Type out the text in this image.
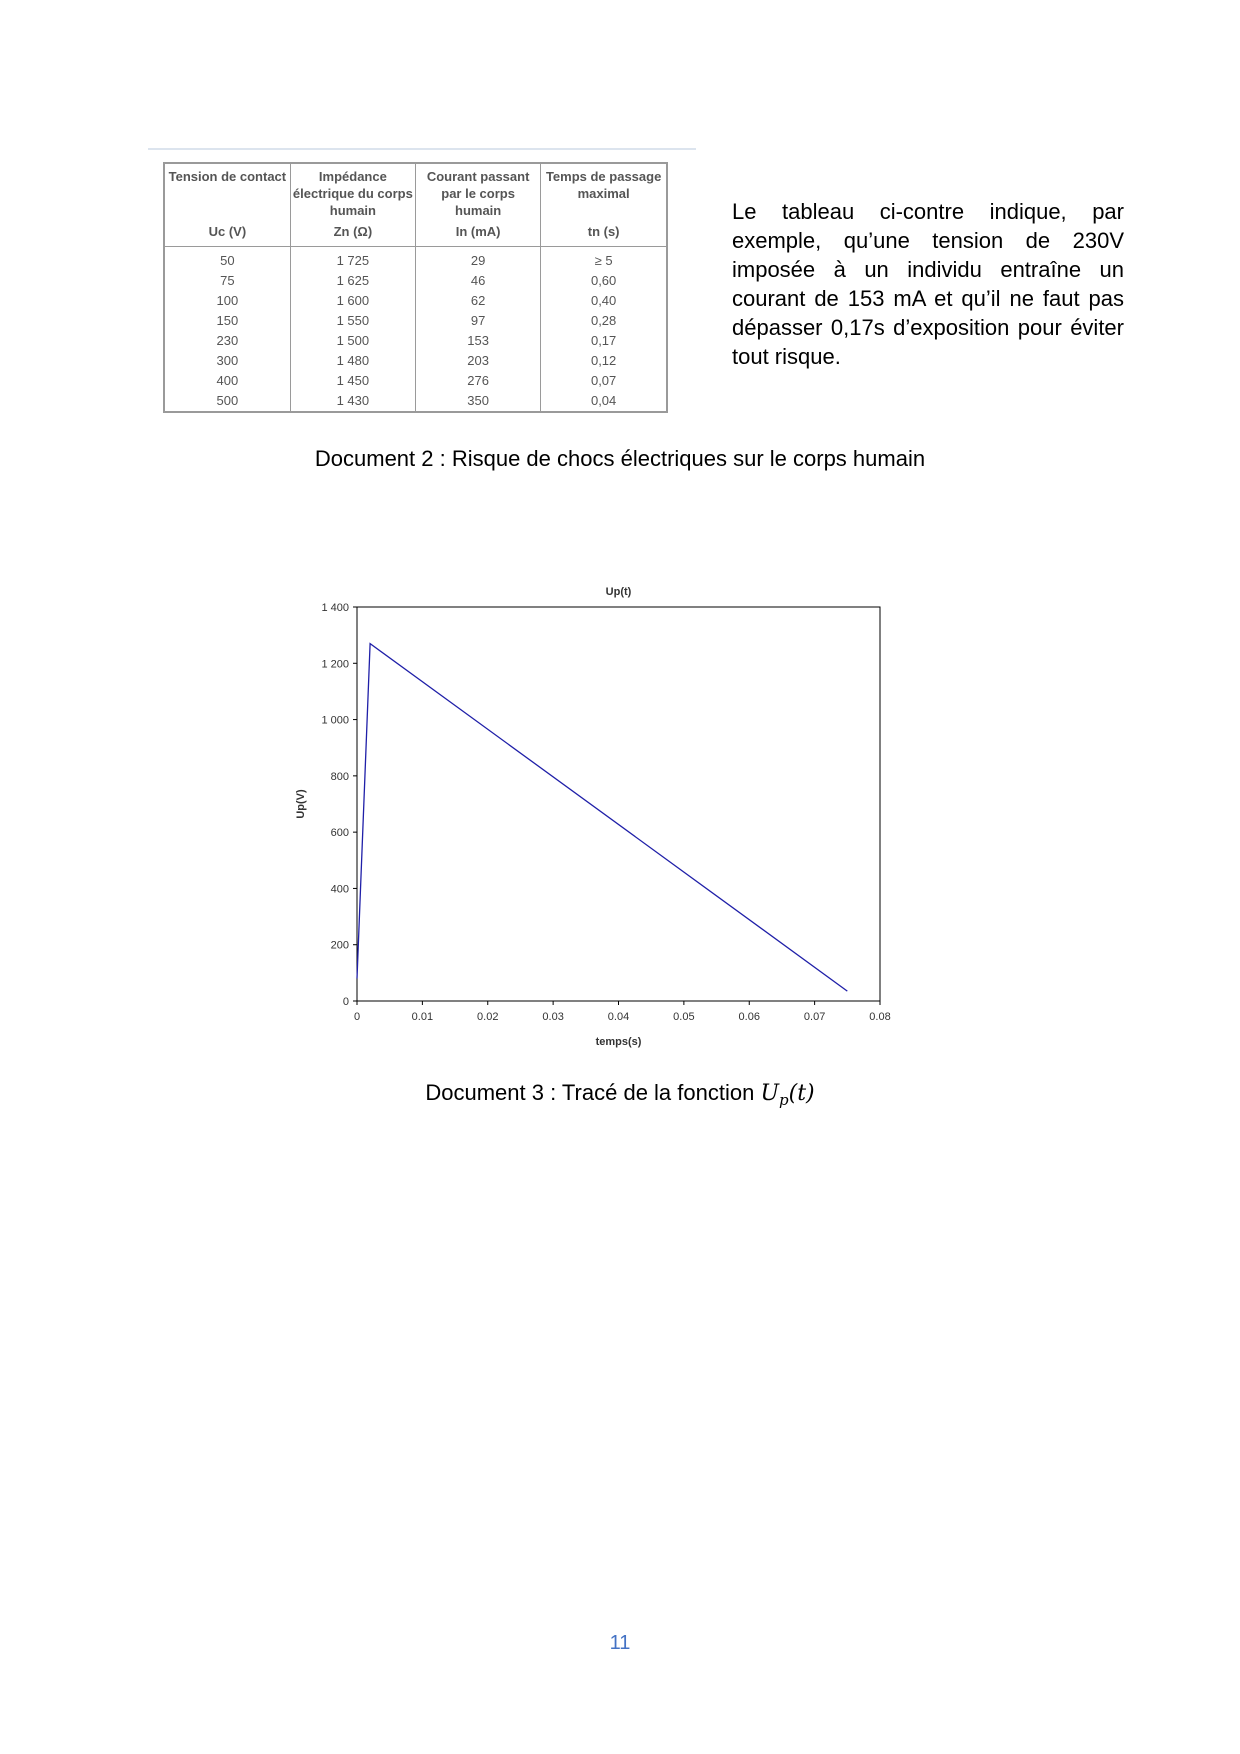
Tension de contact	Impédance électrique du corps humain	Courant passant par le corps humain	Temps de passage maximal
Uc (V)	Zn (Ω)	In (mA)	tn (s)
50	1 725	29	≥ 5
75	1 625	46	0,60
100	1 600	62	0,40
150	1 550	97	0,28
230	1 500	153	0,17
300	1 480	203	0,12
400	1 450	276	0,07
500	1 430	350	0,04
Le tableau ci-contre indique, par exemple, qu’une tension de 230V imposée à un individu entraîne un courant de 153 mA et qu’il ne faut pas dépasser 0,17s d’exposition pour éviter tout risque.
Document 2 : Risque de chocs électriques sur le corps humain
0	0.01	0.02	0.03	0.04	0.05	0.06	0.07	0.08
0
200
400
600
800
1 000
1 200
1 400
Up(t)
temps(s)
Up(V)
Document 3 : Tracé de la fonction $U_p(t)$
11
